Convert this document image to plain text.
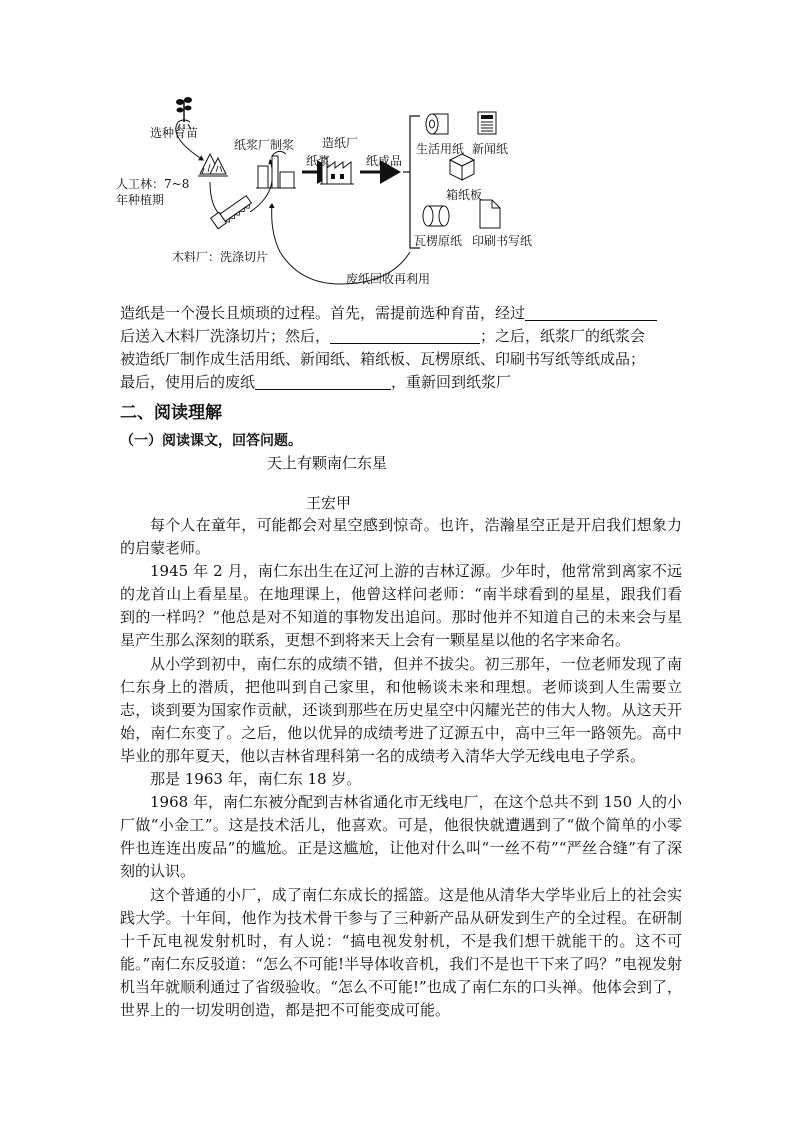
选种育苗
人工林：7~8 年种植期
木料厂：洗涤切片
纸浆厂制浆
纸浆
造纸厂
纸成品
生活用纸 新闻纸
箱纸板
瓦楞原纸 印刷书写纸
废纸回收再利用
造纸是一个漫长且烦琐的过程。首先，需提前选种育苗，经过
后送入木料厂洗涤切片；然后，	；之后，纸浆厂的纸浆会
被造纸厂制作成生活用纸、新闻纸、箱纸板、瓦楞原纸、印刷书写纸等纸成品；
最后，使用后的废纸	，重新回到纸浆厂
二、阅读理解
（一）阅读课文，回答问题。
天上有颗南仁东星
王宏甲

每个人在童年，可能都会对星空感到惊奇。也许，浩瀚星空正是开启我们想象力的启蒙老师。

1945 年 2 月，南仁东出生在辽河上游的吉林辽源。少年时，他常常到离家不远的龙首山上看星星。在地理课上，他曾这样问老师：“南半球看到的星星，跟我们看到的一样吗？”他总是对不知道的事物发出追问。那时他并不知道自己的未来会与星星产生那么深刻的联系，更想不到将来天上会有一颗星星以他的名字来命名。

从小学到初中，南仁东的成绩不错，但并不拔尖。初三那年，一位老师发现了南仁东身上的潜质，把他叫到自己家里，和他畅谈未来和理想。老师谈到人生需要立志，谈到要为国家作贡献，还谈到那些在历史星空中闪耀光芒的伟大人物。从这天开始，南仁东变了。之后，他以优异的成绩考进了辽源五中，高中三年一路领先。高中毕业的那年夏天，他以吉林省理科第一名的成绩考入清华大学无线电电子学系。

那是 1963 年，南仁东 18 岁。

1968 年，南仁东被分配到吉林省通化市无线电厂，在这个总共不到 150 人的小厂做“小金工”。这是技术活儿，他喜欢。可是，他很快就遭遇到了“做个简单的小零件也连连出废品”的尴尬。正是这尴尬，让他对什么叫“一丝不苟”“严丝合缝”有了深刻的认识。

这个普通的小厂，成了南仁东成长的摇篮。这是他从清华大学毕业后上的社会实践大学。十年间，他作为技术骨干参与了三种新产品从研发到生产的全过程。在研制十千瓦电视发射机时，有人说：“搞电视发射机，不是我们想干就能干的。这不可能。”南仁东反驳道：“怎么不可能!半导体收音机，我们不是也干下来了吗？”电视发射机当年就顺利通过了省级验收。“怎么不可能!”也成了南仁东的口头禅。他体会到了，世界上的一切发明创造，都是把不可能变成可能。
